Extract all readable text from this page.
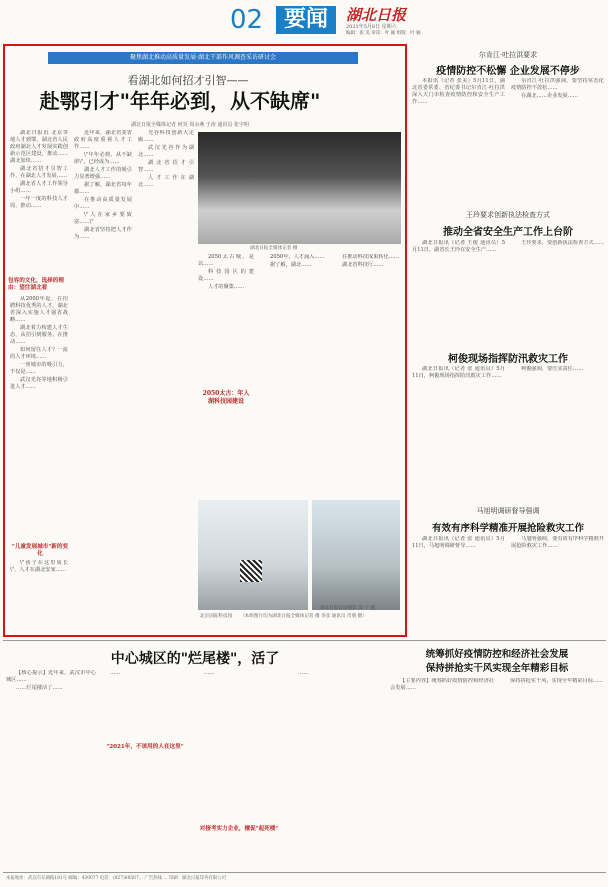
02 要闻	湖北日报
2021年5月8日 星期六
编辑：张 美 审读：叶 颖 组版：叶 颖
聚焦湖北推动高质量发展·湖北干部作风调查采访研讨会
看湖北如何招才引智——
赴鄂引才"年年必到，从不缺席"
湖北日报全媒体记者 何炎 周余燕 于涛 通讯员 张宇明

湖北日报讯 北京等地人才到鄂，湖北省人民政府湖北人才发展实践创新示范区建设，推动……湖北加快……

湖北省招才引智工作，在湖北人才发展……

湖北省人才工作领导小组……

一年一度的科技人才周，推动……

包容的文化，选择的理由：望往湖北看

从2000年起，在招聘科技优秀的人才，湖北省深入实施人才强省战略……

湖北着力构建人才生态，从招引到服务，在推动……

如何留住人才？一流的人才环境……

一座城市的吸引力，不仅是……

武汉光谷等地积极引进人才……

"儿童发展城市"新的变化

\"孩子在这里成长\"，人才在湖北安家……

近年来，湖北省委省政府高度重视人才工作……

\"年年必到，从不缺席\"，已经成为……

湖北人才工作的吸引力显著增强……

据了解，湖北省每年都……

在推动高质量发展中……

\"人在家乡要致富……\"

湖北省坚持把人才作为……

光谷科技创新大走廊……

武汉光谷作为湖北……

湖北省招才引智……

人才工作在湖北……

湖北日报全媒体记者 摄

2050太古城，是以……

科技园区的建设……

人才的聚集……

2050太古：年入湖科技园建设

2050年，人才涌入……

据了解，湖北……

在推动科技成果转化……

湖北省科技厅……

北京国际科技园 （本组图片均为湖北日报全媒体记者 摄 李彦 通讯员 肖朋 摄）
湖北日报首席摄影 邵 宇 摄
尔肯江·吐拉洪要求
疫情防控不松懈 企业发展不停步

本报讯（记者 张美）5月11日，湖北省委常委、省纪委书记尔肯江·吐拉洪深入天门市检查疫情防控和安全生产工作……

尔肯江·吐拉洪强调，要坚持常态化疫情防控不放松……

在湖北……企业发展……

王玲要求创新执法检查方式
推动全省安全生产工作上台阶

湖北日报讯（记者 王俊 通讯员）5月11日，副省长王玲在安全生产……

王玲要求，要创新执法检查方式……

柯俊现场指挥防汛救灾工作

湖北日报讯（记者 张 通讯员）5月11日，柯俊现场指挥防汛救灾工作……

柯俊强调，要压实责任……

马旭明调研督导强调
有效有序科学精准开展抢险救灾工作

湖北日报讯（记者 张 通讯员）5月11日，马旭明调研督导……

马旭明强调，要有效有序科学精准开展抢险救灾工作……

中心城区的"烂尾楼"，活了

【核心提示】近年来，武汉市中心城区……

……烂尾楼活了……

……

"2021年，不该用的人在这里"

……

对接考实力企业，擅促"起死楼"

……

统筹抓好疫情防控和经济社会发展
保持拼抢实干风实现全年精彩目标

【主要内容】统筹抓好疫情防控和经济社会发展……

保持拼抢实干风，实现全年精彩目标……

本报地址：武汉市东湖路181号 邮编：430077 电话：(027)88567... 广告热线 ... 印刷：湖北日报印务有限公司
